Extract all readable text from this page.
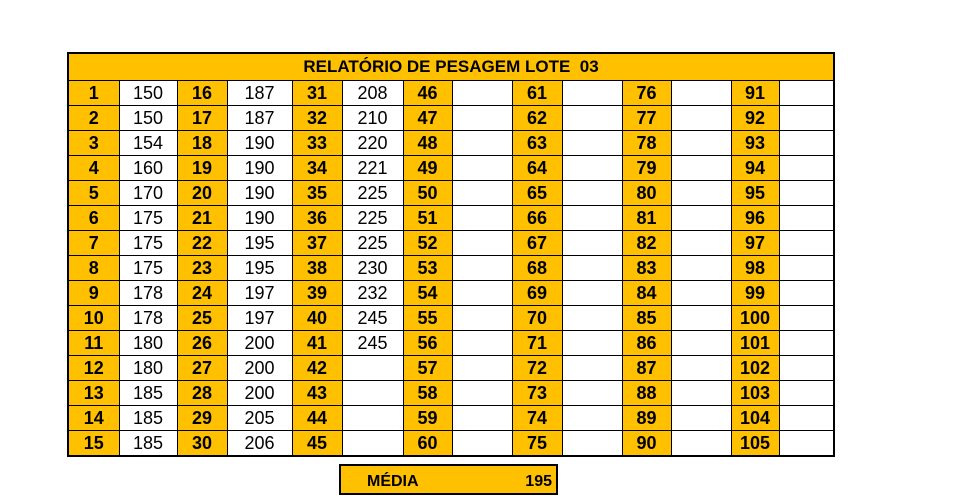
RELATÓRIO DE PESAGEM LOTE  03
1	150	16	187	31	208	46		61		76		91	
2	150	17	187	32	210	47		62		77		92	
3	154	18	190	33	220	48		63		78		93	
4	160	19	190	34	221	49		64		79		94	
5	170	20	190	35	225	50		65		80		95	
6	175	21	190	36	225	51		66		81		96	
7	175	22	195	37	225	52		67		82		97	
8	175	23	195	38	230	53		68		83		98	
9	178	24	197	39	232	54		69		84		99	
10	178	25	197	40	245	55		70		85		100	
11	180	26	200	41	245	56		71		86		101	
12	180	27	200	42		57		72		87		102	
13	185	28	200	43		58		73		88		103	
14	185	29	205	44		59		74		89		104	
15	185	30	206	45		60		75		90		105	
MÉDIA	195
